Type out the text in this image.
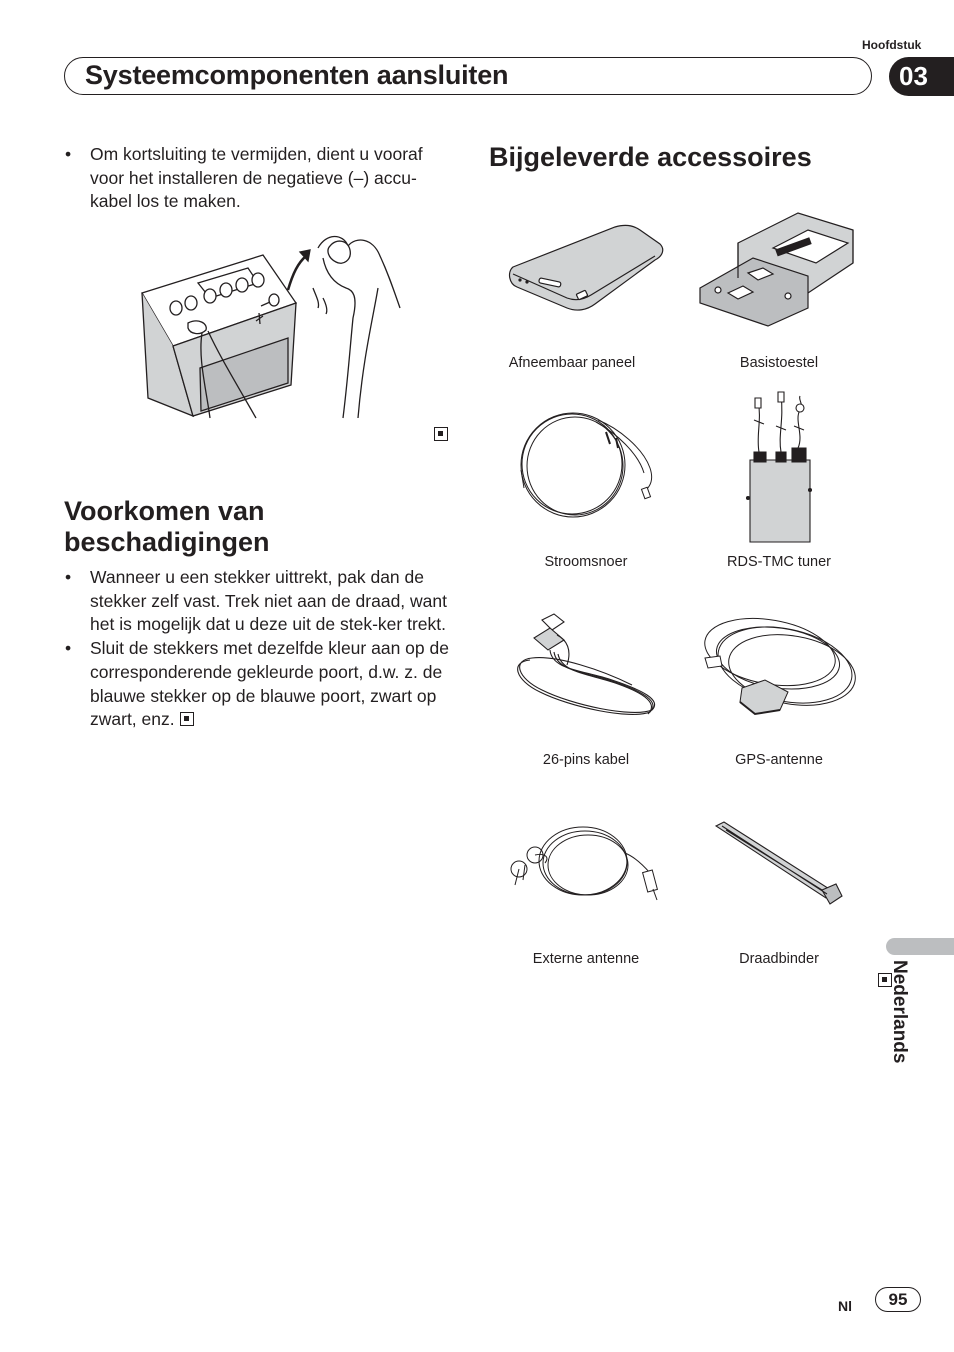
Hoofdstuk
Systeemcomponenten aansluiten	03
• Om kortsluiting te vermijden, dient u vooraf voor het installeren de negatieve (–) accu-kabel los te maken.

Voorkomen van beschadigingen
• Wanneer u een stekker uittrekt, pak dan de stekker zelf vast. Trek niet aan de draad, want het is mogelijk dat u deze uit de stek-ker trekt.
• Sluit de stekkers met dezelfde kleur aan op de corresponderende gekleurde poort, d.w. z. de blauwe stekker op de blauwe poort, zwart op zwart, enz.
Bijgeleverde accessoires
Afneembaar paneel	Basistoestel
Stroomsnoer	RDS-TMC tuner
26-pins kabel	GPS-antenne
Externe antenne	Draadbinder
Nederlands
Nl	95
